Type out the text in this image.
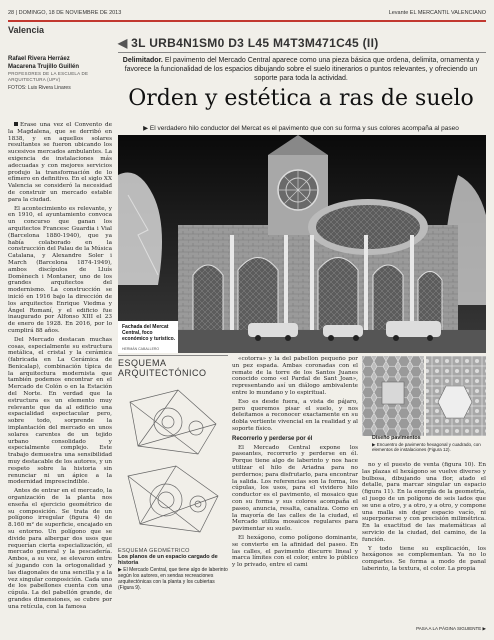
28 | DOMINGO, 18 DE NOVIEMBRE DE 2013	Levante EL MERCANTIL VALENCIANO
Valencia
◀ 3L URB4N1SM0 D3 L45 M4T3M471C45 (II)
Rafael Rivera Herráez
Macarena Trujillo Guillén
PROFESORES DE LA ESCUELA DE
ARQUITECTURA (UPV)
FOTOS: Luis Rivera Linares
Delimitador. El pavimento del Mercado Central aparece como una pieza básica que ordena, delimita, ornamenta y favorece la funcionalidad de los espacios dibujando sobre el suelo itinerarios o puntos relevantes, y ofreciendo un soporte para toda la actividad.
Orden y estética a ras de suelo
▶ El verdadero hilo conductor del Mercat es el pavimento que con su forma y sus colores acompaña al paseo

Erase una vez el Convento de la Magdalena, que se derribó en 1838, y en aquellos solares resultantes se fueron ubicando los sucesivos mercados ambulantes. La exigencia de instalaciones más adecuadas y con mejores servicios produjo la transformación de lo efímero en definitivo. En el siglo XX Valencia se consideró la necesidad de construir un mercado estable para la ciudad.

El acontecimiento es relevante, y en 1910, el ayuntamiento convoca un concurso que ganan los arquitectos Francesc Guardia i Vial (Barcelona 1880-1940), que ya había colaborado en la construcción del Palau de la Música Catalana, y Alexandre Soler i March (Barcelona 1874-1949), ambos discípulos de Lluís Domènech i Montaner, uno de los grandes arquitectos del modernismo. La construcción se inició en 1916 bajo la dirección de los arquitectos Enrique Viedma y Ángel Romaní, y el edificio fue inaugurado por Alfonso XIII el 23 de enero de 1928. En 2016, por lo cumplirá 88 años.

Del Mercado destacan muchas cosas, especialmente su estructura metálica, el cristal y la cerámica (fabricada en La Cerámica de Benicalap), combinación típica de la arquitectura modernista que también podemos encontrar en el Mercado de Colón o en la Estación del Norte. En verdad que la estructura es un elemento muy relevante que da al edificio una espacialidad espectacular pero, sobre todo, sorprende la implantación del mercado en unos solares carentes de un tejido urbano consolidado y especialmente complejo. Este trabajo demuestra una sensibilidad muy destacable de los autores, y un respeto sobre la historia sin renunciar ni un ápice a la modernidad imprescindible.

Antes de entrar en el mercado, la organización de la planta nos enseña el ejercicio geométrico de su composición. Se trata de un polígono irregular (figura 4) de 8.160 m² de superficie, encajado en su entorno. Un polígono que se divide para albergar dos usos que requerían cierta especialización, el mercado general y la pescadería. Ambos, a su vez, se elevaron entre sí jugando con la ortogonalidad y las diagonales de una sencilla y a la vez singular composición. Cada uno de los pabellones cuenta con una cúpula. La del pabellón grande, de grandes dimensiones, se cubre por una retícula, con la famosa

Fachada del Mercat Central, foco económico y turístico.
HERMÁN CABALLERO
ESQUEMA
ARQUITECTÓNICO
ESQUEMA GEOMÉTRICO
Los planos de un espacio cargado de historia
▶ El Mercado Central, que tiene algo de laberinto según los autores, en sendas recreaciones arquitectónicas con la planta y los cubiertas (Figura 9).

«cotorra» y la del pabellón pequeño por un pez espada. Ambas coronadas con el remate de la torre de los Santos Juanes conocido como «el Pardal de Sant Joan», representando así un diálogo ambivalente entre lo mundano y lo espiritual.

Eso es desde fuera, a vista de pájaro, pero queremos pisar el suelo, y nos deleitamos a reconocer exactamente en su dobla vertiente vivencial en la realidad y al soporte físico.

Recorrerlo y perderse por él

El Mercado Central expone los paseantes, recorrerlo y perderse en él. Porque tiene algo de laberinto y nos hace utilizar el hilo de Ariadna para no perdernos; para disfrutarlo, para encontrar la salida. Los referencias son la forma, los cúpulas, los usos, para el vividero hilo conductor es el pavimento, el mosaico que con su forma y sus colores acompaña el paseo, anuncia, resalta, canaliza. Como en la mayoría de las calles de la ciudad, el Mercado utiliza mosaicos regulares para pavimentar su suelo.

El hexágono, como polígono dominante, se convierte en la afinidad del paseo. En las calles, el pavimento discurre lineal y marca límites con el color, entre lo público y lo privado, entre el cami

Diseño pavimentos
▶ Encuentro de pavimento hexagonal y cuadrado, con elementos de instalaciones (Figura 12).

no y el puesto de venta (figura 10). En las plazas el hexágono se vuelve diverso y bulbosa, dibujando una flor, atado el detalle, para marcar singular un espacio (figura 11). En la energía de la geometría, el juego de un polígono de seis lados que se une a otro, y a otro, y a otro, y compone una malla sin dejar espacio vacío, ni superponerse y con precisión milimétrica. En la exactitud de las matemáticas al servicio de la ciudad, del camino, de la función.

Y todo tiene su explicación, los hexágonos se complementan. Ya no lo compartes. Se forma a modo de panal laberinto, la textura, el color. La propia

PASA A LA PÁGINA SIGUIENTE ▶
